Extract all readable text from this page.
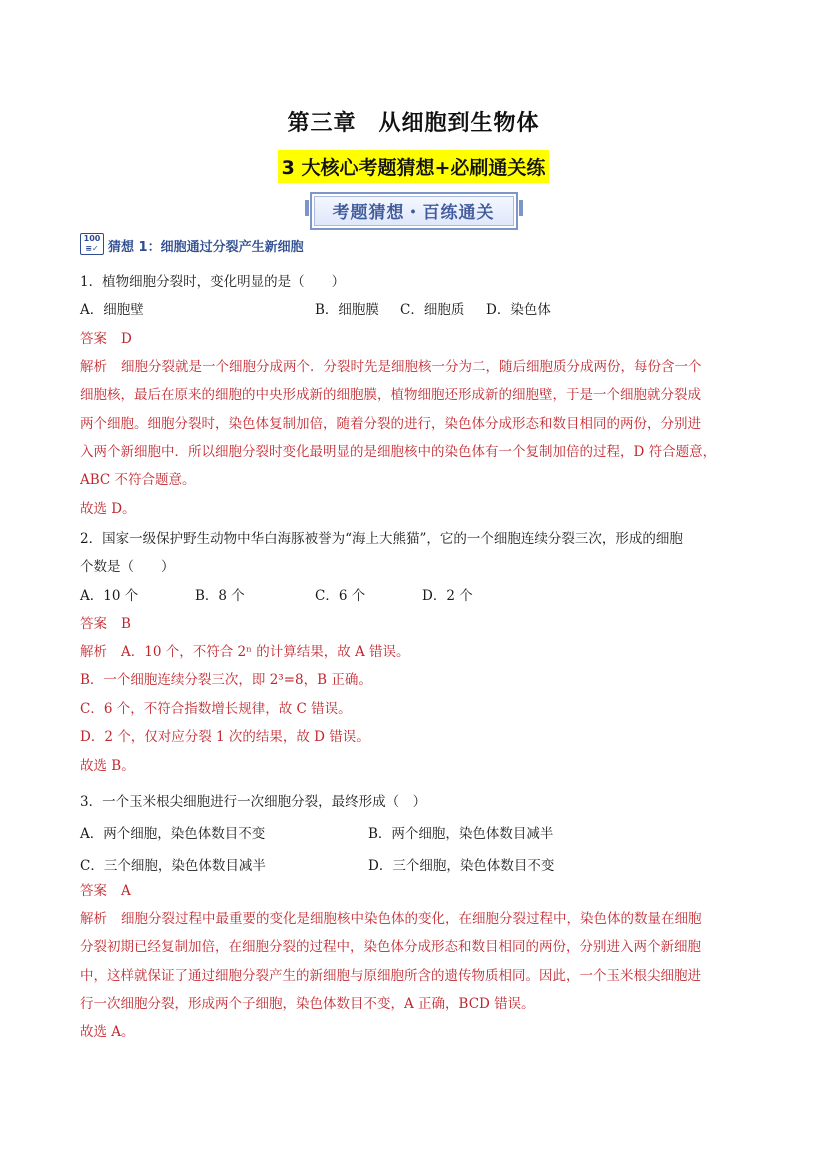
第三章 从细胞到生物体
3 大核心考题猜想+必刷通关练
考题猜想・百练通关
100
≡✓ 猜想 1：细胞通过分裂产生新细胞
1．植物细胞分裂时，变化明显的是（　　）
A．细胞壁	B．细胞膜 C．细胞质 D．染色体
答案 D
解析 细胞分裂就是一个细胞分成两个．分裂时先是细胞核一分为二，随后细胞质分成两份，每份含一个
细胞核，最后在原来的细胞的中央形成新的细胞膜，植物细胞还形成新的细胞壁，于是一个细胞就分裂成
两个细胞。细胞分裂时，染色体复制加倍，随着分裂的进行，染色体分成形态和数目相同的两份，分别进
入两个新细胞中．所以细胞分裂时变化最明显的是细胞核中的染色体有一个复制加倍的过程，D 符合题意，
ABC 不符合题意。
故选 D。
2．国家一级保护野生动物中华白海豚被誉为“海上大熊猫”，它的一个细胞连续分裂三次，形成的细胞
个数是（　　）
A．10 个	B．8 个	C．6 个	D．2 个
答案 B
解析 A．10 个，不符合 2ⁿ 的计算结果，故 A 错误。
B．一个细胞连续分裂三次，即 2³=8，B 正确。
C．6 个，不符合指数增长规律，故 C 错误。
D．2 个，仅对应分裂 1 次的结果，故 D 错误。
故选 B。
3．一个玉米根尖细胞进行一次细胞分裂，最终形成（　）
A．两个细胞，染色体数目不变	B．两个细胞，染色体数目减半
C．三个细胞，染色体数目减半	D．三个细胞，染色体数目不变
答案 A
解析 细胞分裂过程中最重要的变化是细胞核中染色体的变化，在细胞分裂过程中，染色体的数量在细胞
分裂初期已经复制加倍，在细胞分裂的过程中，染色体分成形态和数目相同的两份，分别进入两个新细胞
中，这样就保证了通过细胞分裂产生的新细胞与原细胞所含的遗传物质相同。因此，一个玉米根尖细胞进
行一次细胞分裂，形成两个子细胞，染色体数目不变，A 正确，BCD 错误。
故选 A。
